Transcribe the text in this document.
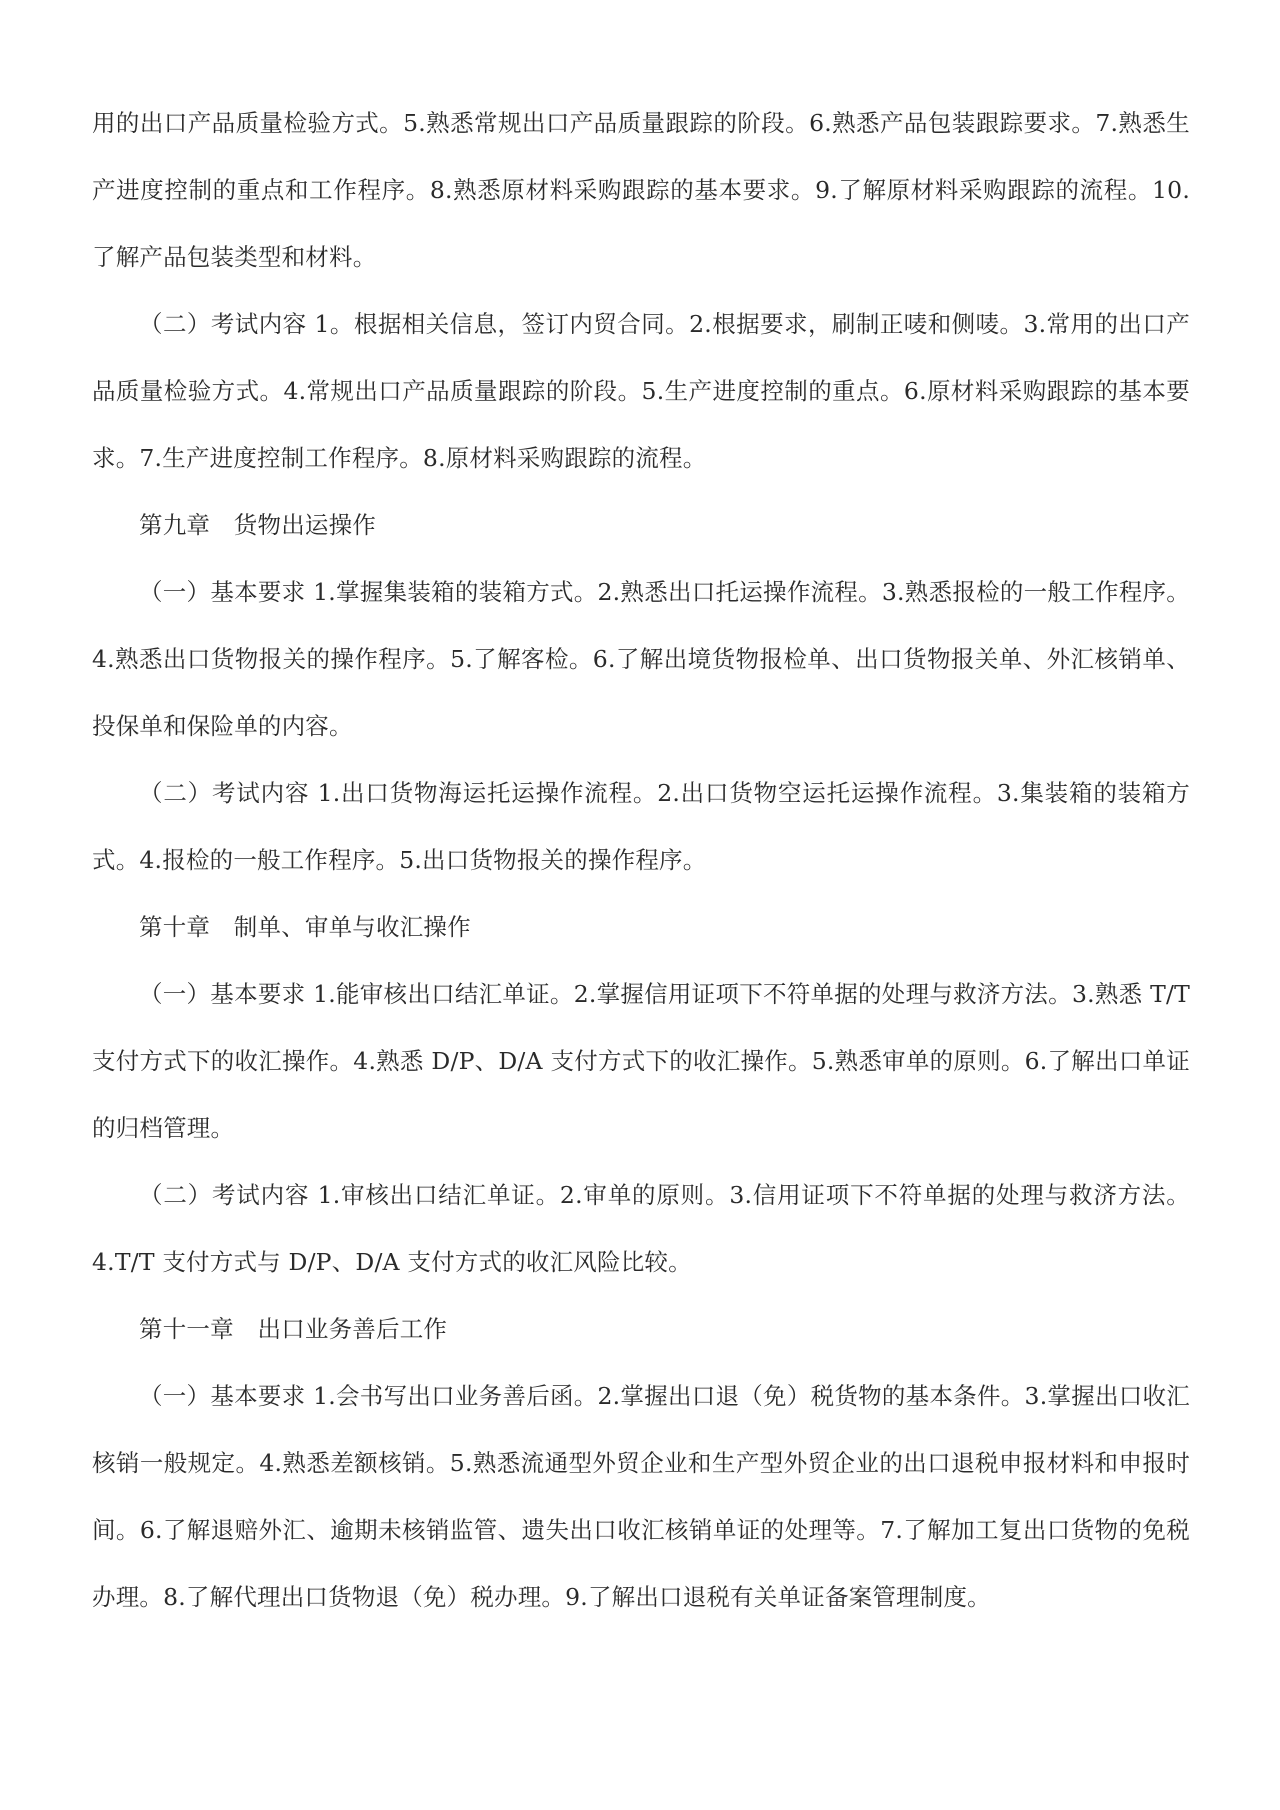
用的出口产品质量检验方式。5.熟悉常规出口产品质量跟踪的阶段。6.熟悉产品包装跟踪要求。7.熟悉生产进度控制的重点和工作程序。8.熟悉原材料采购跟踪的基本要求。9.了解原材料采购跟踪的流程。10.了解产品包装类型和材料。

（二）考试内容 1。根据相关信息，签订内贸合同。2.根据要求，刷制正唛和侧唛。3.常用的出口产品质量检验方式。4.常规出口产品质量跟踪的阶段。5.生产进度控制的重点。6.原材料采购跟踪的基本要求。7.生产进度控制工作程序。8.原材料采购跟踪的流程。

第九章　货物出运操作

（一）基本要求 1.掌握集装箱的装箱方式。2.熟悉出口托运操作流程。3.熟悉报检的一般工作程序。4.熟悉出口货物报关的操作程序。5.了解客检。6.了解出境货物报检单、出口货物报关单、外汇核销单、投保单和保险单的内容。

（二）考试内容 1.出口货物海运托运操作流程。2.出口货物空运托运操作流程。3.集装箱的装箱方式。4.报检的一般工作程序。5.出口货物报关的操作程序。

第十章　制单、审单与收汇操作

（一）基本要求 1.能审核出口结汇单证。2.掌握信用证项下不符单据的处理与救济方法。3.熟悉 T/T 支付方式下的收汇操作。4.熟悉 D/P、D/A 支付方式下的收汇操作。5.熟悉审单的原则。6.了解出口单证的归档管理。

（二）考试内容 1.审核出口结汇单证。2.审单的原则。3.信用证项下不符单据的处理与救济方法。4.T/T 支付方式与 D/P、D/A 支付方式的收汇风险比较。

第十一章　出口业务善后工作

（一）基本要求 1.会书写出口业务善后函。2.掌握出口退（免）税货物的基本条件。3.掌握出口收汇核销一般规定。4.熟悉差额核销。5.熟悉流通型外贸企业和生产型外贸企业的出口退税申报材料和申报时间。6.了解退赔外汇、逾期未核销监管、遗失出口收汇核销单证的处理等。7.了解加工复出口货物的免税办理。8.了解代理出口货物退（免）税办理。9.了解出口退税有关单证备案管理制度。
